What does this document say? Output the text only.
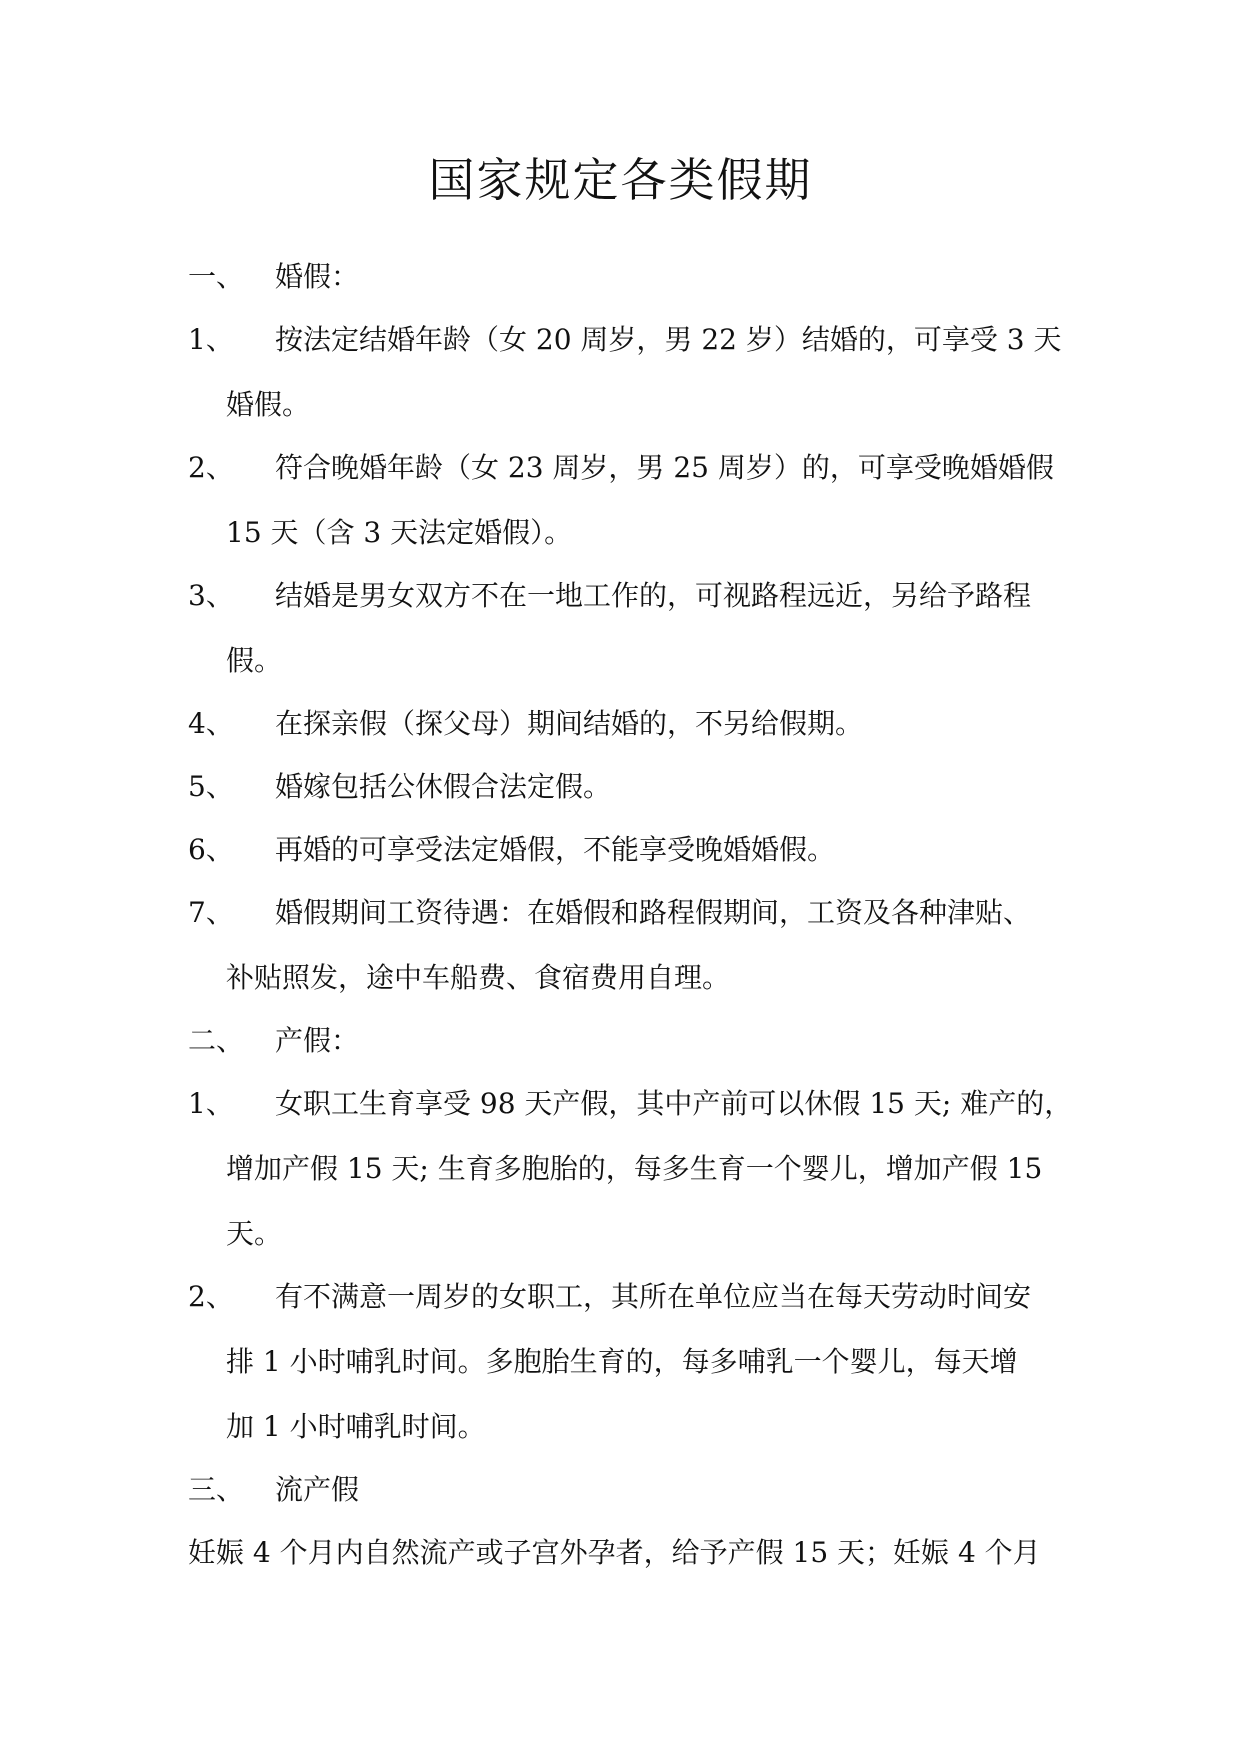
国家规定各类假期
一、 婚假：
1、 按法定结婚年龄（女 20 周岁，男 22 岁）结婚的，可享受 3 天
婚假。
2、 符合晚婚年龄（女 23 周岁，男 25 周岁）的，可享受晚婚婚假
15 天（含 3 天法定婚假）。
3、 结婚是男女双方不在一地工作的，可视路程远近，另给予路程
假。
4、 在探亲假（探父母）期间结婚的，不另给假期。
5、 婚嫁包括公休假合法定假。
6、 再婚的可享受法定婚假，不能享受晚婚婚假。
7、 婚假期间工资待遇：在婚假和路程假期间，工资及各种津贴、
补贴照发，途中车船费、食宿费用自理。
二、 产假：
1、 女职工生育享受 98 天产假，其中产前可以休假 15 天; 难产的，
增加产假 15 天; 生育多胞胎的，每多生育一个婴儿，增加产假 15
天。
2、 有不满意一周岁的女职工，其所在单位应当在每天劳动时间安
排 1 小时哺乳时间。多胞胎生育的，每多哺乳一个婴儿，每天增
加 1 小时哺乳时间。
三、 流产假
妊娠 4 个月内自然流产或子宫外孕者，给予产假 15 天；妊娠 4 个月
